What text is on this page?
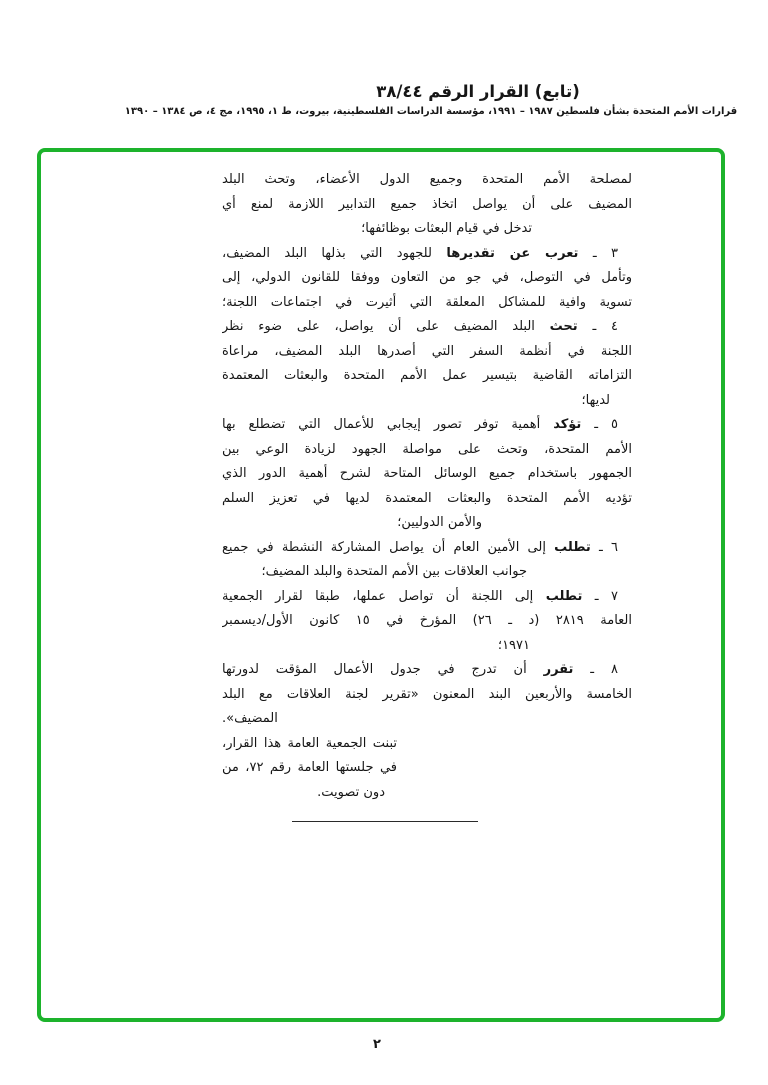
(تابع) القرار الرقم ٣٨/٤٤
قرارات الأمم المتحدة بشأن فلسطين ١٩٨٧ – ١٩٩١، مؤسسة الدراسات الفلسطينية، بيروت، ط ١، ١٩٩٥، مج ٤، ص ١٣٨٤ – ١٣٩٠
لمصلحة الأمم المتحدة وجميع الدول الأعضاء، وتحث البلد
المضيف على أن يواصل اتخاذ جميع التدابير اللازمة لمنع أي
تدخل في قيام البعثات بوظائفها؛
٣ ـ تعرب عن تقديرها للجهود التي بذلها البلد المضيف،
وتأمل في التوصل، في جو من التعاون ووفقا للقانون الدولي، إلى
تسوية وافية للمشاكل المعلقة التي أثيرت في اجتماعات اللجنة؛
٤ ـ تحث البلد المضيف على أن يواصل، على ضوء نظر
اللجنة في أنظمة السفر التي أصدرها البلد المضيف، مراعاة
التزاماته القاضية بتيسير عمل الأمم المتحدة والبعثات المعتمدة
لديها؛
٥ ـ تؤكد أهمية توفر تصور إيجابي للأعمال التي تضطلع بها
الأمم المتحدة، وتحث على مواصلة الجهود لزيادة الوعي بين
الجمهور باستخدام جميع الوسائل المتاحة لشرح أهمية الدور الذي
تؤديه الأمم المتحدة والبعثات المعتمدة لديها في تعزيز السلم
والأمن الدوليين؛
٦ ـ تطلب إلى الأمين العام أن يواصل المشاركة النشطة في جميع
جوانب العلاقات بين الأمم المتحدة والبلد المضيف؛
٧ ـ تطلب إلى اللجنة أن تواصل عملها، طبقا لقرار الجمعية
العامة ٢٨١٩ (د ـ ٢٦) المؤرخ في ١٥ كانون الأول/ديسمبر
١٩٧١؛
٨ ـ تقرر أن تدرج في جدول الأعمال المؤقت لدورتها
الخامسة والأربعين البند المعنون «تقرير لجنة العلاقات مع البلد
المضيف».
تبنت الجمعية العامة هذا القرار،
في جلستها العامة رقم ٧٢، من
دون تصويت.
٢
